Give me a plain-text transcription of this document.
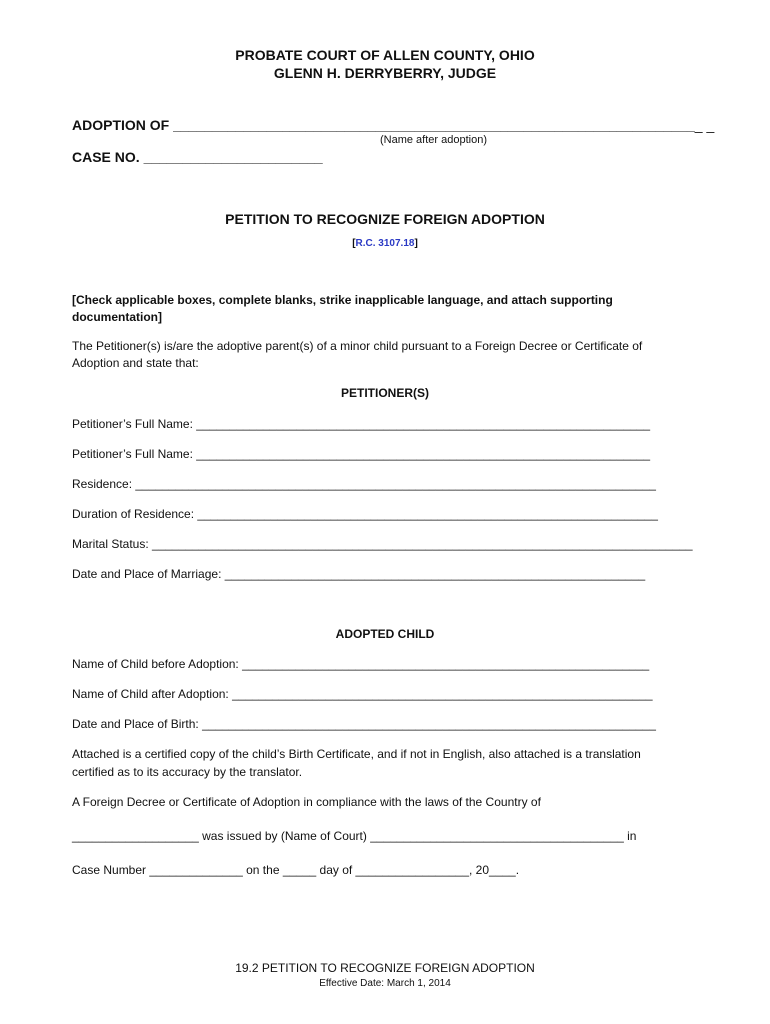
PROBATE COURT OF ALLEN COUNTY, OHIO
GLENN H. DERRYBERRY, JUDGE
ADOPTION OF ____________________________________________________________________ _
(Name after adoption)
CASE NO. _______________________
PETITION TO RECOGNIZE FOREIGN ADOPTION
[R.C. 3107.18]
[Check applicable boxes, complete blanks, strike inapplicable language, and attach supporting
documentation]
The Petitioner(s) is/are the adoptive parent(s) of a minor child pursuant to a Foreign Decree or Certificate of
Adoption and state that:
PETITIONER(S)
Petitioner’s Full Name: ____________________________________________________________________
Petitioner’s Full Name: ____________________________________________________________________
Residence: ______________________________________________________________________________
Duration of Residence: _____________________________________________________________________
Marital Status: _________________________________________________________________________________
Date and Place of Marriage: _______________________________________________________________
ADOPTED CHILD
Name of Child before Adoption: _____________________________________________________________
Name of Child after Adoption: _______________________________________________________________
Date and Place of Birth: ____________________________________________________________________
Attached is a certified copy of the child’s Birth Certificate, and if not in English, also attached is a translation
certified as to its accuracy by the translator.
A Foreign Decree or Certificate of Adoption in compliance with the laws of the Country of
___________________ was issued by (Name of Court) ______________________________________ in
Case Number ______________ on the _____ day of _________________, 20____.
19.2 PETITION TO RECOGNIZE FOREIGN ADOPTION
Effective Date: March 1, 2014
